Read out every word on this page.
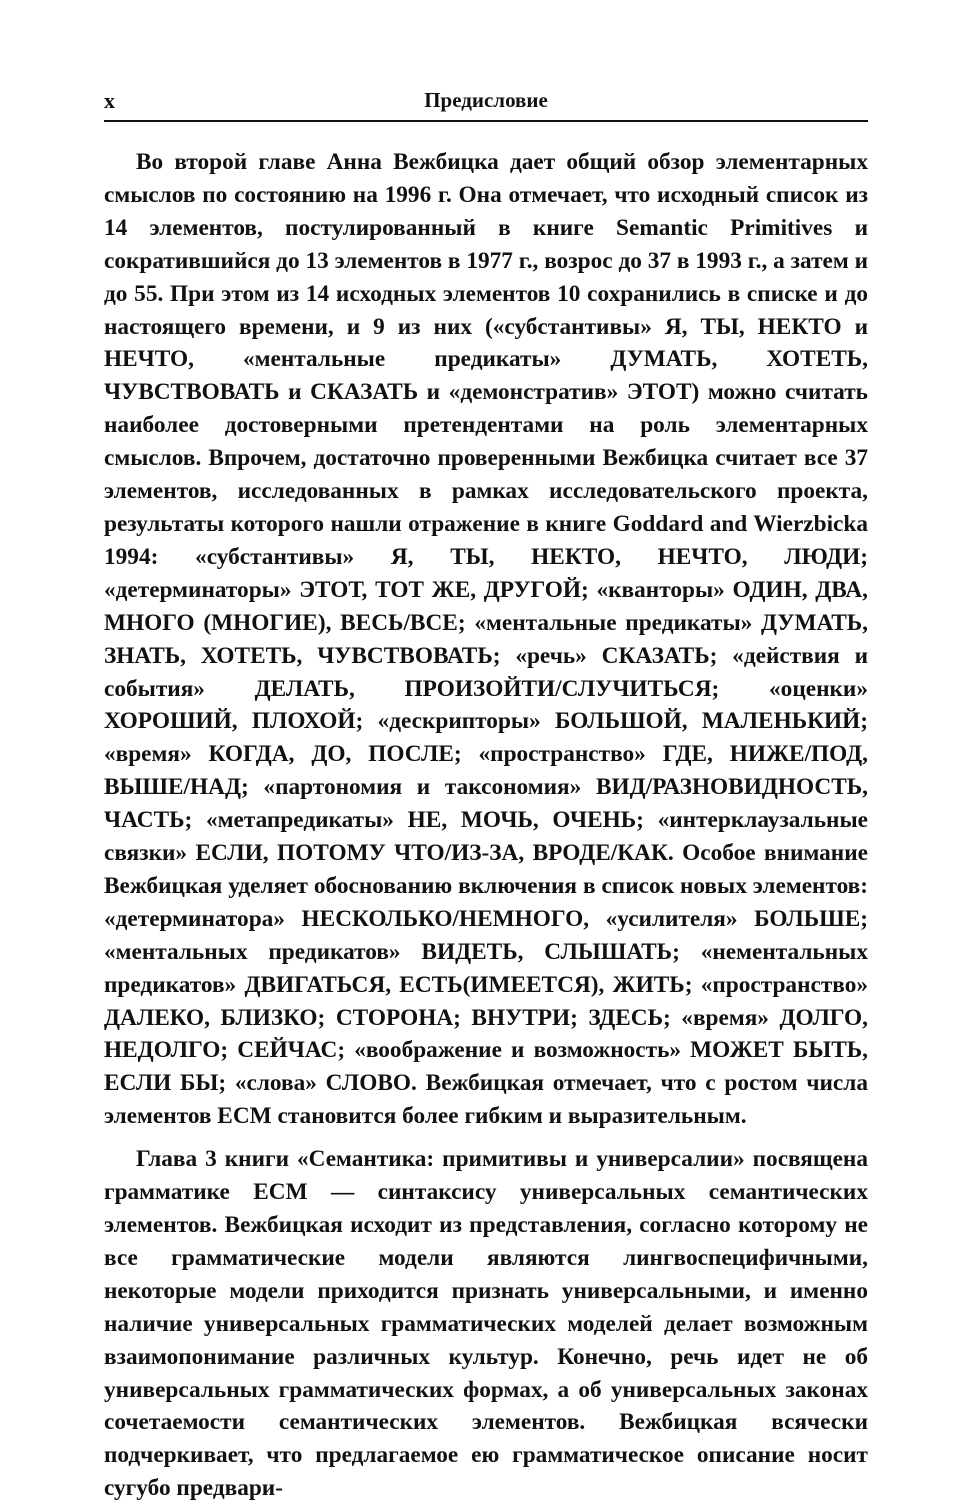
x	Предисловие

Во второй главе Анна Вежбицка дает общий обзор элементарных смыслов по состоянию на 1996 г. Она отмечает, что исходный список из 14 элементов, постулированный в книге Semantic Primitives и сократившийся до 13 элементов в 1977 г., возрос до 37 в 1993 г., а затем и до 55. При этом из 14 исходных элементов 10 сохранились в списке и до настоящего времени, и 9 из них («субстантивы» Я, ТЫ, НЕКТО и НЕЧТО, «ментальные предикаты» ДУМАТЬ, ХОТЕТЬ, ЧУВСТВОВАТЬ и СКАЗАТЬ и «демонстратив» ЭТОТ) можно считать наиболее достоверными претендентами на роль элементарных смыслов. Впрочем, достаточно проверенными Вежбицка считает все 37 элементов, исследованных в рамках исследовательского проекта, результаты которого нашли отражение в книге Goddard and Wierzbicka 1994: «субстантивы» Я, ТЫ, НЕКТО, НЕЧТО, ЛЮДИ; «детерминаторы» ЭТОТ, ТОТ ЖЕ, ДРУГОЙ; «кванторы» ОДИН, ДВА, МНОГО (МНОГИЕ), ВЕСЬ/ВСЕ; «ментальные предикаты» ДУМАТЬ, ЗНАТЬ, ХОТЕТЬ, ЧУВСТВОВАТЬ; «речь» СКАЗАТЬ; «действия и события» ДЕЛАТЬ, ПРОИЗОЙТИ/СЛУЧИТЬСЯ; «оценки» ХОРОШИЙ, ПЛОХОЙ; «дескрипторы» БОЛЬШОЙ, МАЛЕНЬКИЙ; «время» КОГДА, ДО, ПОСЛЕ; «пространство» ГДЕ, НИЖЕ/ПОД, ВЫШЕ/НАД; «партономия и таксономия» ВИД/РАЗНОВИДНОСТЬ, ЧАСТЬ; «метапредикаты» НЕ, МОЧЬ, ОЧЕНЬ; «интерклаузальные связки» ЕСЛИ, ПОТОМУ ЧТО/ИЗ-ЗА, ВРОДЕ/КАК. Особое внимание Вежбицкая уделяет обоснованию включения в список новых элементов: «детерминатора» НЕСКОЛЬКО/НЕМНОГО, «усилителя» БОЛЬШЕ; «ментальных предикатов» ВИДЕТЬ, СЛЫШАТЬ; «нементальных предикатов» ДВИГАТЬСЯ, ЕСТЬ(ИМЕЕТСЯ), ЖИТЬ; «пространство» ДАЛЕКО, БЛИЗКО; СТОРОНА; ВНУТРИ; ЗДЕСЬ; «время» ДОЛГО, НЕДОЛГО; СЕЙЧАС; «воображение и возможность» МОЖЕТ БЫТЬ, ЕСЛИ БЫ; «слова» СЛОВО. Вежбицкая отмечает, что с ростом числа элементов ЕСМ становится более гибким и выразительным.

Глава 3 книги «Семантика: примитивы и универсалии» посвящена грамматике ЕСМ — синтаксису универсальных семантических элементов. Вежбицкая исходит из представления, согласно которому не все грамматические модели являются лингвоспецифичными, некоторые модели приходится признать универсальными, и именно наличие универсальных грамматических моделей делает возможным взаимопонимание различных культур. Конечно, речь идет не об универсальных грамматических формах, а об универсальных законах сочетаемости семантических элементов. Вежбицкая всячески подчеркивает, что предлагаемое ею грамматическое описание носит сугубо предвари-
